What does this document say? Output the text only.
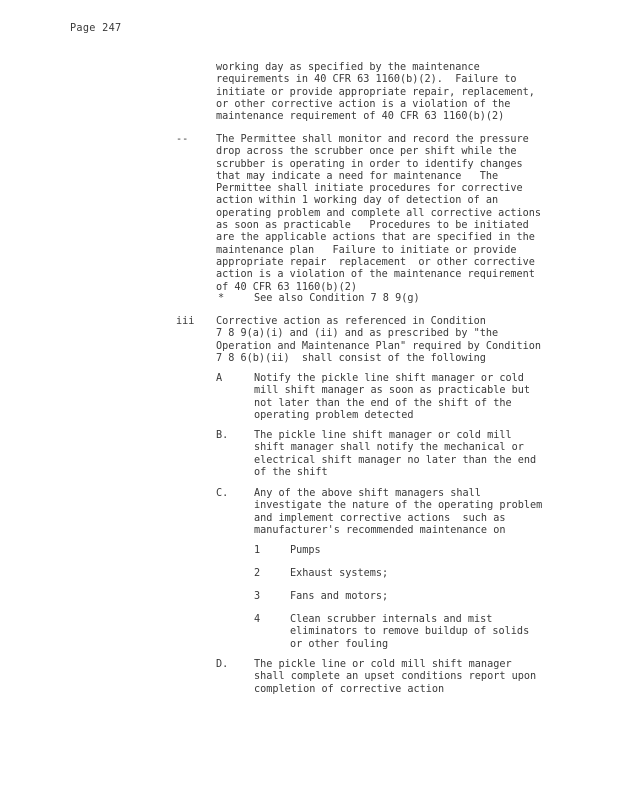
Page 247
working day as specified by the maintenance
requirements in 40 CFR 63 1160(b)(2).  Failure to
initiate or provide appropriate repair, replacement,
or other corrective action is a violation of the
maintenance requirement of 40 CFR 63 1160(b)(2)
--	The Permittee shall monitor and record the pressure
drop across the scrubber once per shift while the
scrubber is operating in order to identify changes
that may indicate a need for maintenance   The
Permittee shall initiate procedures for corrective
action within 1 working day of detection of an
operating problem and complete all corrective actions
as soon as practicable   Procedures to be initiated
are the applicable actions that are specified in the
maintenance plan   Failure to initiate or provide
appropriate repair  replacement  or other corrective
action is a violation of the maintenance requirement
of 40 CFR 63 1160(b)(2)
*	See also Condition 7 8 9(g)
iii Corrective action as referenced in Condition
7 8 9(a)(i) and (ii) and as prescribed by "the
Operation and Maintenance Plan" required by Condition
7 8 6(b)(ii)  shall consist of the following
A	Notify the pickle line shift manager or cold
mill shift manager as soon as practicable but
not later than the end of the shift of the
operating problem detected
B.	The pickle line shift manager or cold mill
shift manager shall notify the mechanical or
electrical shift manager no later than the end
of the shift
C.	Any of the above shift managers shall
investigate the nature of the operating problem
and implement corrective actions  such as
manufacturer's recommended maintenance on
1	Pumps
2	Exhaust systems;
3	Fans and motors;
4	Clean scrubber internals and mist
eliminators to remove buildup of solids
or other fouling
D.	The pickle line or cold mill shift manager
shall complete an upset conditions report upon
completion of corrective action
